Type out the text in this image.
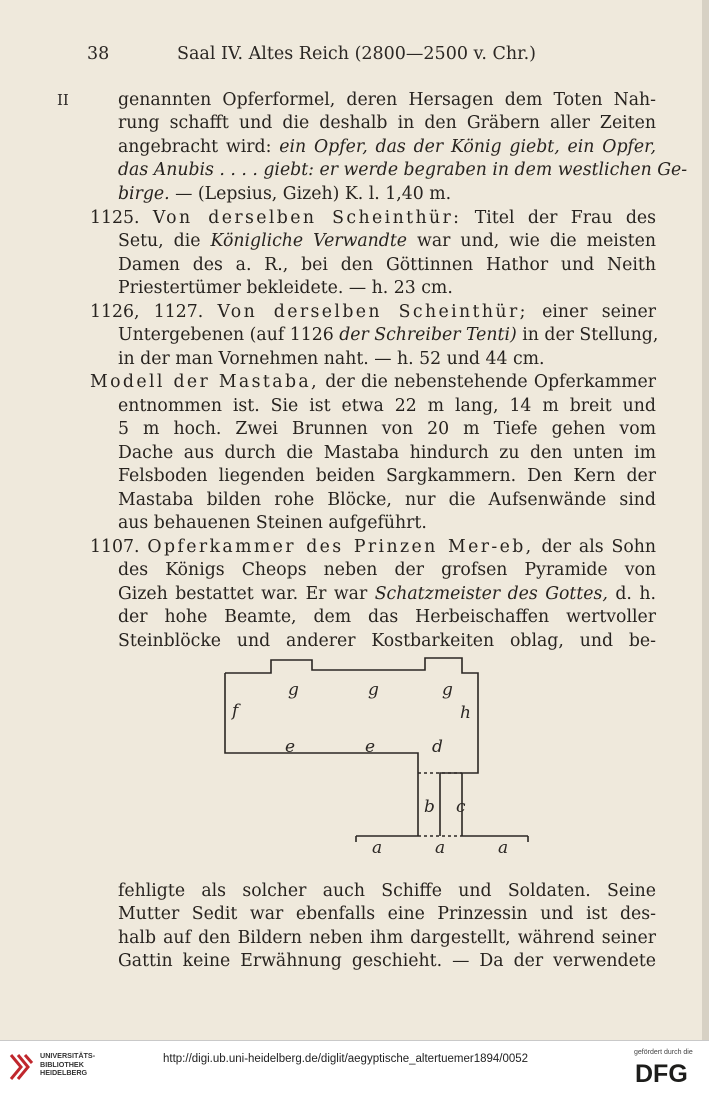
38	Saal IV. Altes Reich (2800—2500 v. Chr.)
II	genannten Opferformel, deren Hersagen dem Toten Nah-
rung schafft und die deshalb in den Gräbern aller Zeiten
angebracht wird: ein Opfer, das der König giebt, ein Opfer,
das Anubis . . . . giebt: er werde begraben in dem westlichen Ge-
birge. — (Lepsius, Gizeh) K. l. 1,40 m.
1125. Von derselben Scheinthür: Titel der Frau des
Setu, die Königliche Verwandte war und, wie die meisten
Damen des a. R., bei den Göttinnen Hathor und Neith
Priestertümer bekleidete. — h. 23 cm.
1126, 1127. Von derselben Scheinthür; einer seiner
Untergebenen (auf 1126 der Schreiber Tenti) in der Stellung,
in der man Vornehmen naht. — h. 52 und 44 cm.
Modell der Mastaba, der die nebenstehende Opferkammer
entnommen ist. Sie ist etwa 22 m lang, 14 m breit und
5 m hoch. Zwei Brunnen von 20 m Tiefe gehen vom
Dache aus durch die Mastaba hindurch zu den unten im
Felsboden liegenden beiden Sargkammern. Den Kern der
Mastaba bilden rohe Blöcke, nur die Aufsenwände sind
aus behauenen Steinen aufgeführt.
1107. Opferkammer des Prinzen Mer-eb, der als Sohn
des Königs Cheops neben der grofsen Pyramide von
Gizeh bestattet war. Er war Schatzmeister des Gottes, d. h.
der hohe Beamte, dem das Herbeischaffen wertvoller
Steinblöcke und anderer Kostbarkeiten oblag, und be-
fehligte als solcher auch Schiffe und Soldaten. Seine
Mutter Sedit war ebenfalls eine Prinzessin und ist des-
halb auf den Bildern neben ihm dargestellt, während seiner
Gattin keine Erwähnung geschieht. — Da der verwendete
g	g	g
f	h
e	e	d
b c
a	a	a
UNIVERSITÄTS-
BIBLIOTHEK
HEIDELBERG
http://digi.ub.uni-heidelberg.de/diglit/aegyptische_altertuemer1894/0052
gefördert durch die
DFG
